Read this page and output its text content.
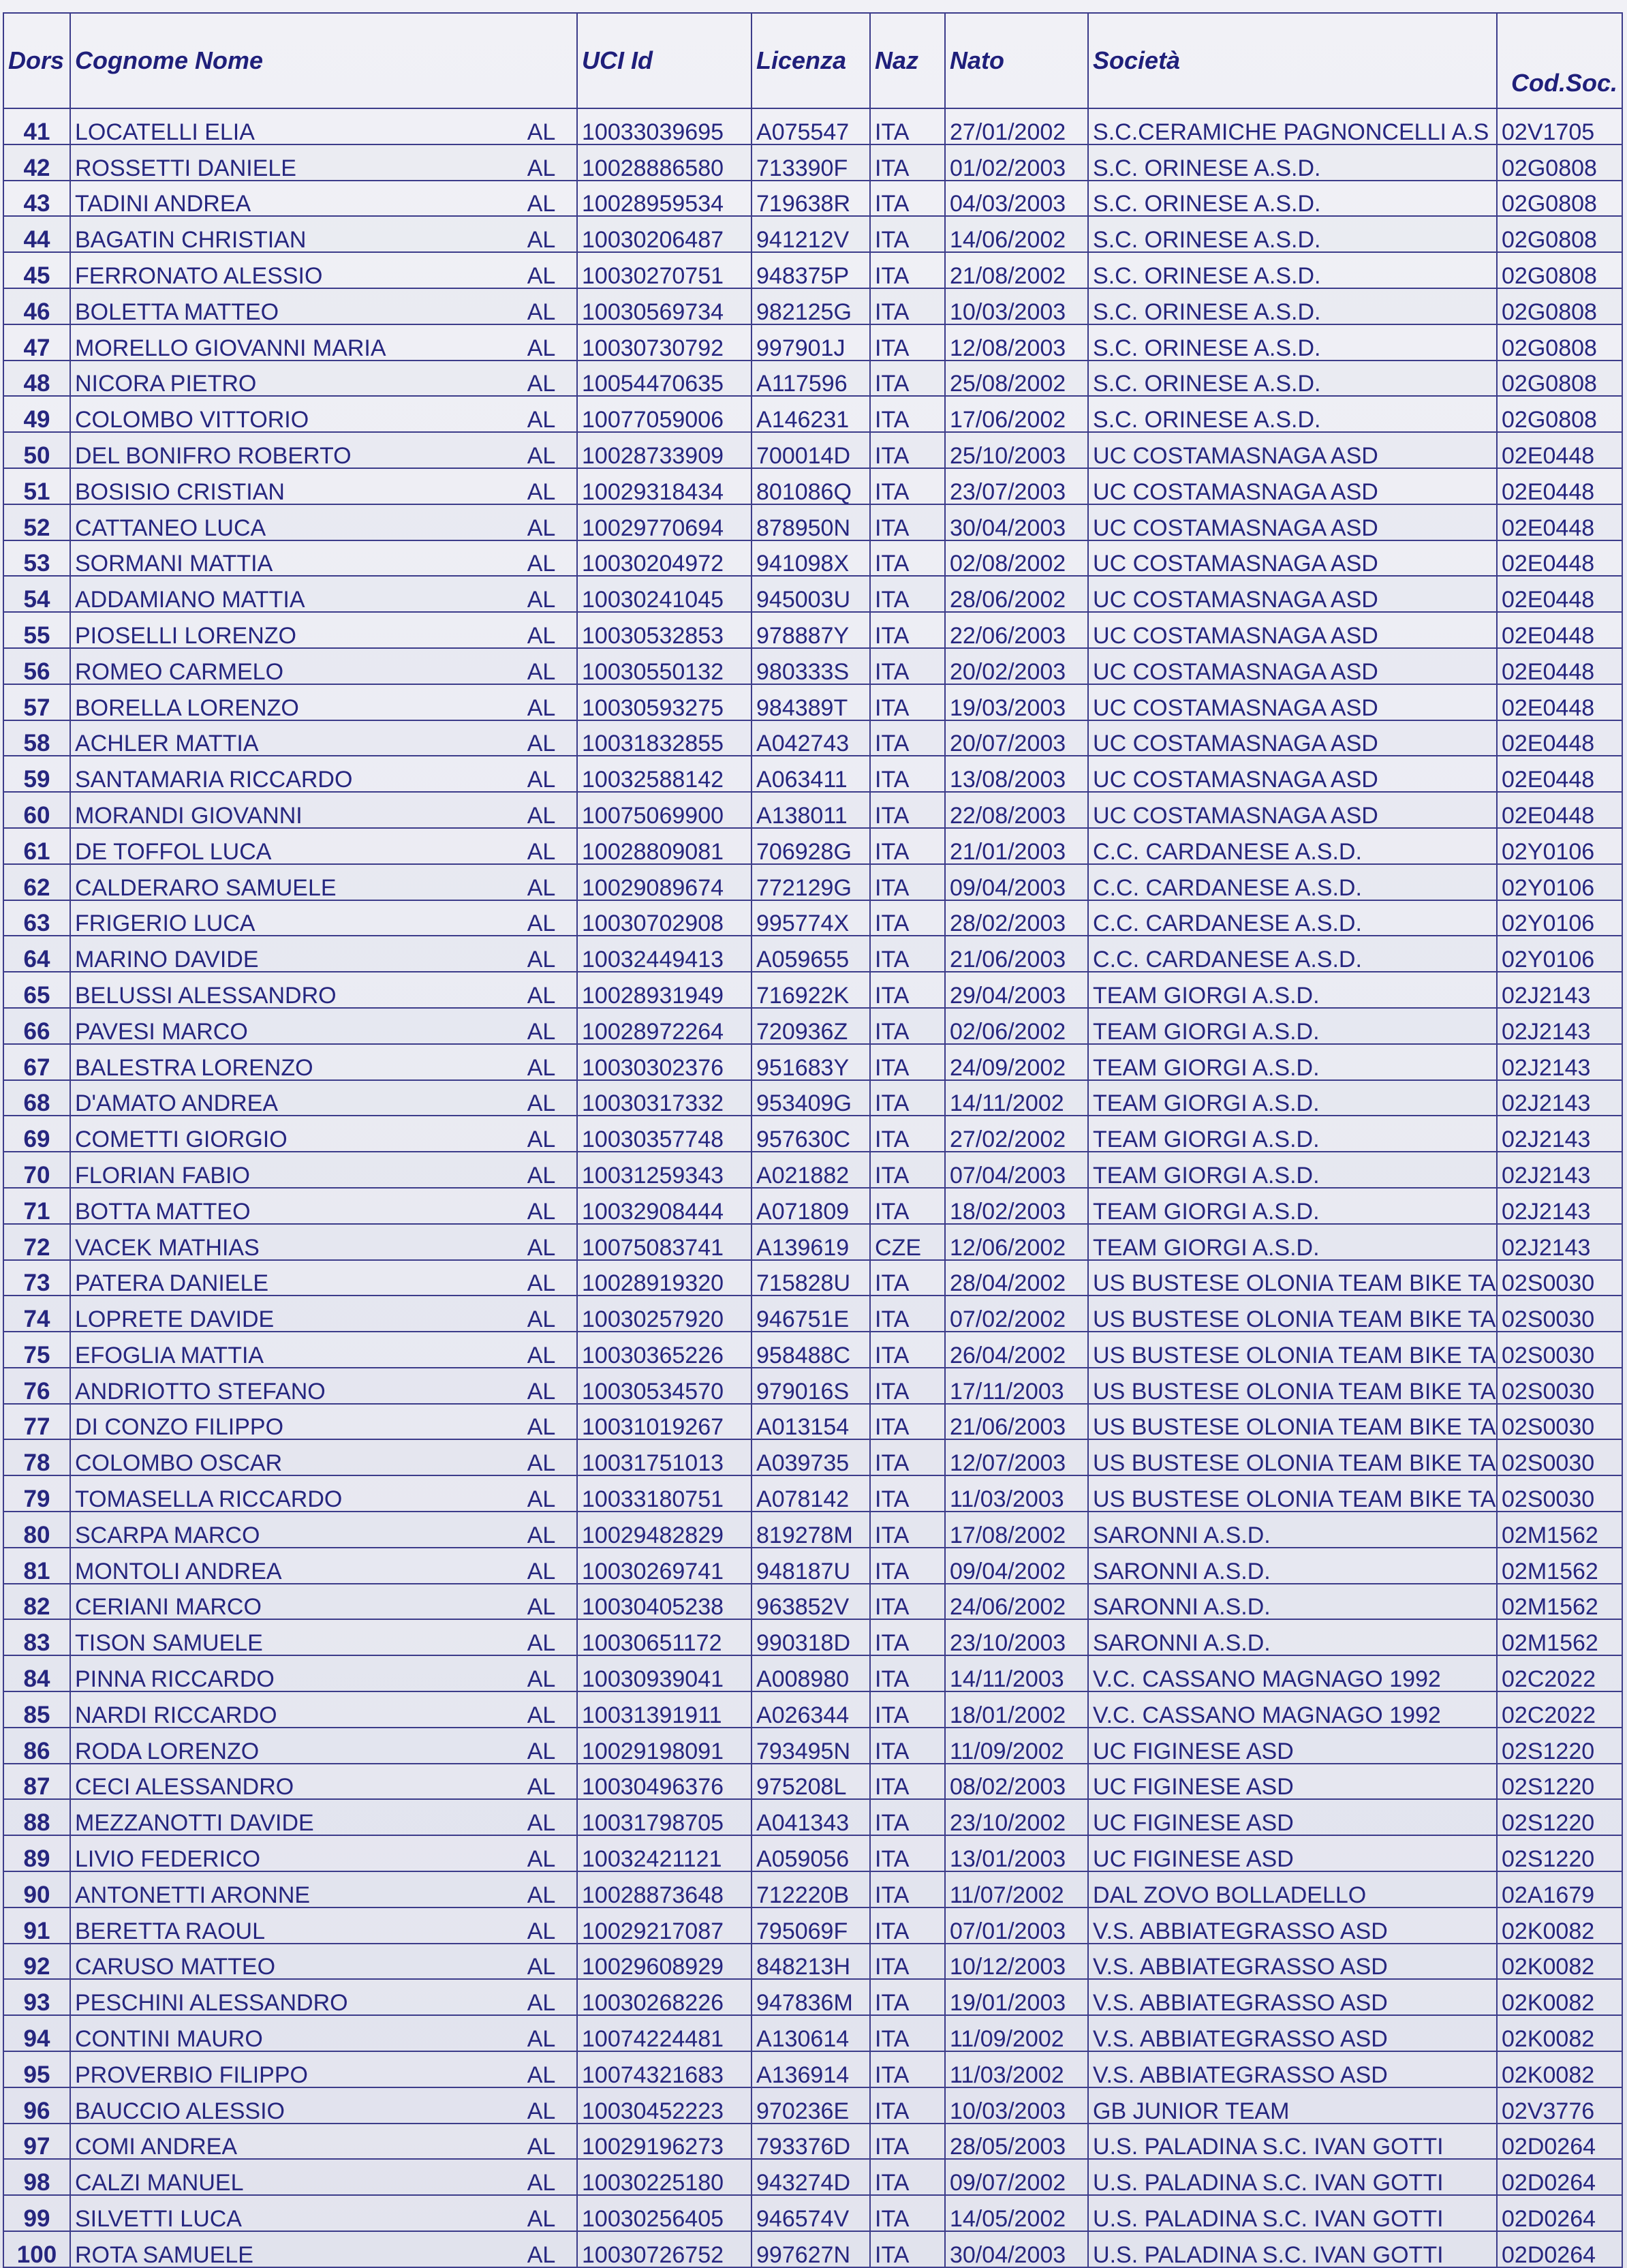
Dors	Cognome Nome		UCI Id	Licenza	Naz	Nato	Società	Cod.Soc.
41	LOCATELLI ELIA	AL	10033039695	A075547	ITA	27/01/2002	S.C.CERAMICHE PAGNONCELLI A.S	02V1705
42	ROSSETTI DANIELE	AL	10028886580	713390F	ITA	01/02/2003	S.C. ORINESE A.S.D.	02G0808
43	TADINI ANDREA	AL	10028959534	719638R	ITA	04/03/2003	S.C. ORINESE A.S.D.	02G0808
44	BAGATIN CHRISTIAN	AL	10030206487	941212V	ITA	14/06/2002	S.C. ORINESE A.S.D.	02G0808
45	FERRONATO ALESSIO	AL	10030270751	948375P	ITA	21/08/2002	S.C. ORINESE A.S.D.	02G0808
46	BOLETTA MATTEO	AL	10030569734	982125G	ITA	10/03/2003	S.C. ORINESE A.S.D.	02G0808
47	MORELLO GIOVANNI MARIA	AL	10030730792	997901J	ITA	12/08/2003	S.C. ORINESE A.S.D.	02G0808
48	NICORA PIETRO	AL	10054470635	A117596	ITA	25/08/2002	S.C. ORINESE A.S.D.	02G0808
49	COLOMBO VITTORIO	AL	10077059006	A146231	ITA	17/06/2002	S.C. ORINESE A.S.D.	02G0808
50	DEL BONIFRO ROBERTO	AL	10028733909	700014D	ITA	25/10/2003	UC COSTAMASNAGA ASD	02E0448
51	BOSISIO CRISTIAN	AL	10029318434	801086Q	ITA	23/07/2003	UC COSTAMASNAGA ASD	02E0448
52	CATTANEO LUCA	AL	10029770694	878950N	ITA	30/04/2003	UC COSTAMASNAGA ASD	02E0448
53	SORMANI MATTIA	AL	10030204972	941098X	ITA	02/08/2002	UC COSTAMASNAGA ASD	02E0448
54	ADDAMIANO MATTIA	AL	10030241045	945003U	ITA	28/06/2002	UC COSTAMASNAGA ASD	02E0448
55	PIOSELLI LORENZO	AL	10030532853	978887Y	ITA	22/06/2003	UC COSTAMASNAGA ASD	02E0448
56	ROMEO CARMELO	AL	10030550132	980333S	ITA	20/02/2003	UC COSTAMASNAGA ASD	02E0448
57	BORELLA LORENZO	AL	10030593275	984389T	ITA	19/03/2003	UC COSTAMASNAGA ASD	02E0448
58	ACHLER MATTIA	AL	10031832855	A042743	ITA	20/07/2003	UC COSTAMASNAGA ASD	02E0448
59	SANTAMARIA RICCARDO	AL	10032588142	A063411	ITA	13/08/2003	UC COSTAMASNAGA ASD	02E0448
60	MORANDI GIOVANNI	AL	10075069900	A138011	ITA	22/08/2003	UC COSTAMASNAGA ASD	02E0448
61	DE TOFFOL LUCA	AL	10028809081	706928G	ITA	21/01/2003	C.C. CARDANESE A.S.D.	02Y0106
62	CALDERARO SAMUELE	AL	10029089674	772129G	ITA	09/04/2003	C.C. CARDANESE A.S.D.	02Y0106
63	FRIGERIO LUCA	AL	10030702908	995774X	ITA	28/02/2003	C.C. CARDANESE A.S.D.	02Y0106
64	MARINO DAVIDE	AL	10032449413	A059655	ITA	21/06/2003	C.C. CARDANESE A.S.D.	02Y0106
65	BELUSSI ALESSANDRO	AL	10028931949	716922K	ITA	29/04/2003	TEAM GIORGI A.S.D.	02J2143
66	PAVESI MARCO	AL	10028972264	720936Z	ITA	02/06/2002	TEAM GIORGI A.S.D.	02J2143
67	BALESTRA LORENZO	AL	10030302376	951683Y	ITA	24/09/2002	TEAM GIORGI A.S.D.	02J2143
68	D'AMATO ANDREA	AL	10030317332	953409G	ITA	14/11/2002	TEAM GIORGI A.S.D.	02J2143
69	COMETTI GIORGIO	AL	10030357748	957630C	ITA	27/02/2002	TEAM GIORGI A.S.D.	02J2143
70	FLORIAN FABIO	AL	10031259343	A021882	ITA	07/04/2003	TEAM GIORGI A.S.D.	02J2143
71	BOTTA MATTEO	AL	10032908444	A071809	ITA	18/02/2003	TEAM GIORGI A.S.D.	02J2143
72	VACEK MATHIAS	AL	10075083741	A139619	CZE	12/06/2002	TEAM GIORGI A.S.D.	02J2143
73	PATERA DANIELE	AL	10028919320	715828U	ITA	28/04/2002	US BUSTESE OLONIA TEAM BIKE TA	02S0030
74	LOPRETE DAVIDE	AL	10030257920	946751E	ITA	07/02/2002	US BUSTESE OLONIA TEAM BIKE TA	02S0030
75	EFOGLIA MATTIA	AL	10030365226	958488C	ITA	26/04/2002	US BUSTESE OLONIA TEAM BIKE TA	02S0030
76	ANDRIOTTO STEFANO	AL	10030534570	979016S	ITA	17/11/2003	US BUSTESE OLONIA TEAM BIKE TA	02S0030
77	DI CONZO FILIPPO	AL	10031019267	A013154	ITA	21/06/2003	US BUSTESE OLONIA TEAM BIKE TA	02S0030
78	COLOMBO OSCAR	AL	10031751013	A039735	ITA	12/07/2003	US BUSTESE OLONIA TEAM BIKE TA	02S0030
79	TOMASELLA RICCARDO	AL	10033180751	A078142	ITA	11/03/2003	US BUSTESE OLONIA TEAM BIKE TA	02S0030
80	SCARPA MARCO	AL	10029482829	819278M	ITA	17/08/2002	SARONNI A.S.D.	02M1562
81	MONTOLI ANDREA	AL	10030269741	948187U	ITA	09/04/2002	SARONNI A.S.D.	02M1562
82	CERIANI MARCO	AL	10030405238	963852V	ITA	24/06/2002	SARONNI A.S.D.	02M1562
83	TISON SAMUELE	AL	10030651172	990318D	ITA	23/10/2003	SARONNI A.S.D.	02M1562
84	PINNA RICCARDO	AL	10030939041	A008980	ITA	14/11/2003	V.C. CASSANO MAGNAGO 1992	02C2022
85	NARDI RICCARDO	AL	10031391911	A026344	ITA	18/01/2002	V.C. CASSANO MAGNAGO 1992	02C2022
86	RODA LORENZO	AL	10029198091	793495N	ITA	11/09/2002	UC FIGINESE ASD	02S1220
87	CECI ALESSANDRO	AL	10030496376	975208L	ITA	08/02/2003	UC FIGINESE ASD	02S1220
88	MEZZANOTTI DAVIDE	AL	10031798705	A041343	ITA	23/10/2002	UC FIGINESE ASD	02S1220
89	LIVIO FEDERICO	AL	10032421121	A059056	ITA	13/01/2003	UC FIGINESE ASD	02S1220
90	ANTONETTI ARONNE	AL	10028873648	712220B	ITA	11/07/2002	DAL ZOVO BOLLADELLO	02A1679
91	BERETTA RAOUL	AL	10029217087	795069F	ITA	07/01/2003	V.S. ABBIATEGRASSO ASD	02K0082
92	CARUSO MATTEO	AL	10029608929	848213H	ITA	10/12/2003	V.S. ABBIATEGRASSO ASD	02K0082
93	PESCHINI ALESSANDRO	AL	10030268226	947836M	ITA	19/01/2003	V.S. ABBIATEGRASSO ASD	02K0082
94	CONTINI MAURO	AL	10074224481	A130614	ITA	11/09/2002	V.S. ABBIATEGRASSO ASD	02K0082
95	PROVERBIO FILIPPO	AL	10074321683	A136914	ITA	11/03/2002	V.S. ABBIATEGRASSO ASD	02K0082
96	BAUCCIO ALESSIO	AL	10030452223	970236E	ITA	10/03/2003	GB JUNIOR TEAM	02V3776
97	COMI ANDREA	AL	10029196273	793376D	ITA	28/05/2003	U.S. PALADINA S.C. IVAN GOTTI	02D0264
98	CALZI MANUEL	AL	10030225180	943274D	ITA	09/07/2002	U.S. PALADINA S.C. IVAN GOTTI	02D0264
99	SILVETTI LUCA	AL	10030256405	946574V	ITA	14/05/2002	U.S. PALADINA S.C. IVAN GOTTI	02D0264
100	ROTA SAMUELE	AL	10030726752	997627N	ITA	30/04/2003	U.S. PALADINA S.C. IVAN GOTTI	02D0264
